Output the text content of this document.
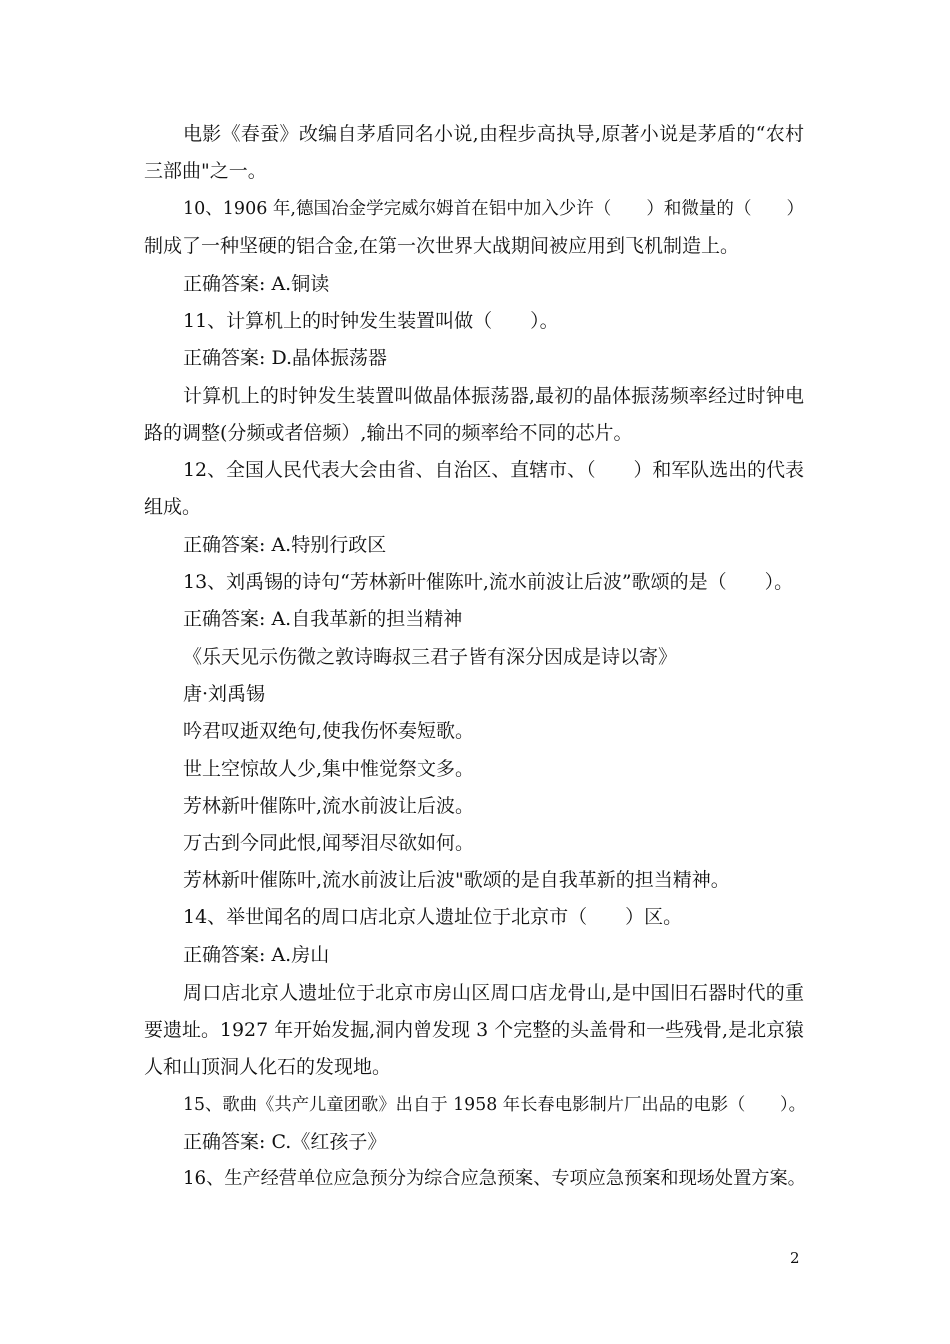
电影《春蚕》改编自茅盾同名小说,由程步高执导,原著小说是茅盾的“农村
三部曲"之一。
10、1906 年,德国冶金学完威尔姆首在铝中加入少许（　　）和微量的（　　）
制成了一种坚硬的铝合金,在第一次世界大战期间被应用到飞机制造上。
正确答案: A.铜读
11、计算机上的时钟发生装置叫做（　　）。
正确答案: D.晶体振荡器
计算机上的时钟发生装置叫做晶体振荡器,最初的晶体振荡频率经过时钟电
路的调整(分频或者倍频）,输出不同的频率给不同的芯片。
12、全国人民代表大会由省、自治区、直辖市、（　　）和军队选出的代表
组成。
正确答案: A.特别行政区
13、刘禹锡的诗句“芳林新叶催陈叶,流水前波让后波”歌颂的是（　　）。
正确答案: A.自我革新的担当精神
《乐天见示伤微之敦诗晦叔三君子皆有深分因成是诗以寄》
唐·刘禹锡
吟君叹逝双绝句,使我伤怀奏短歌。
世上空惊故人少,集中惟觉祭文多。
芳林新叶催陈叶,流水前波让后波。
万古到今同此恨,闻琴泪尽欲如何。
芳林新叶催陈叶,流水前波让后波"歌颂的是自我革新的担当精神。
14、举世闻名的周口店北京人遗址位于北京市（　　）区。
正确答案: A.房山
周口店北京人遗址位于北京市房山区周口店龙骨山,是中国旧石器时代的重
要遗址。1927 年开始发掘,洞内曾发现 3 个完整的头盖骨和一些残骨,是北京猿
人和山顶洞人化石的发现地。
15、歌曲《共产儿童团歌》出自于 1958 年长春电影制片厂出品的电影（　　）。
正确答案: C.《红孩子》
16、生产经营单位应急预分为综合应急预案、专项应急预案和现场处置方案。
2
